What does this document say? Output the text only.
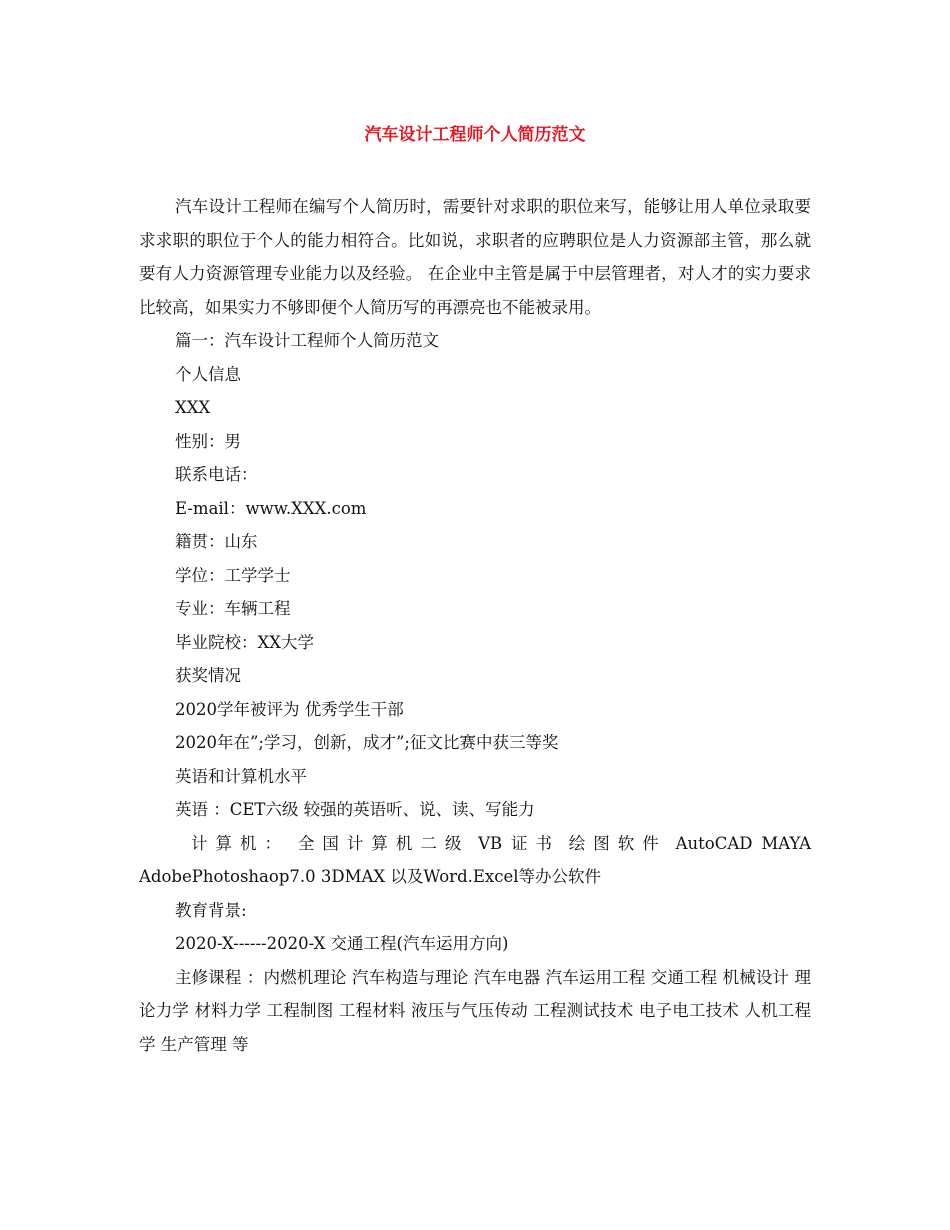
汽车设计工程师个人简历范文

汽车设计工程师在编写个人简历时，需要针对求职的职位来写，能够让用人单位录取要求求职的职位于个人的能力相符合。比如说，求职者的应聘职位是人力资源部主管，那么就要有人力资源管理专业能力以及经验。 在企业中主管是属于中层管理者，对人才的实力要求比较高，如果实力不够即便个人简历写的再漂亮也不能被录用。

篇一：汽车设计工程师个人简历范文

个人信息

XXX

性别：男

联系电话：

E-mail：www.XXX.com

籍贯：山东

学位：工学学士

专业：车辆工程

毕业院校：XX大学

获奖情况

2020学年被评为 优秀学生干部

2020年在”;学习，创新，成才”;征文比赛中获三等奖

英语和计算机水平

英语 ：CET六级 较强的英语听、说、读、写能力

计算机： 全国计算机二级 VB 证书 绘图软件 AutoCAD MAYA
AdobePhotoshaop7.0 3DMAX 以及Word.Excel等办公软件

教育背景:

2020-X------2020-X 交通工程(汽车运用方向)

主修课程 ：内燃机理论 汽车构造与理论 汽车电器 汽车运用工程 交通工程 机械设计 理论力学 材料力学 工程制图 工程材料 液压与气压传动 工程测试技术 电子电工技术 人机工程学 生产管理 等
